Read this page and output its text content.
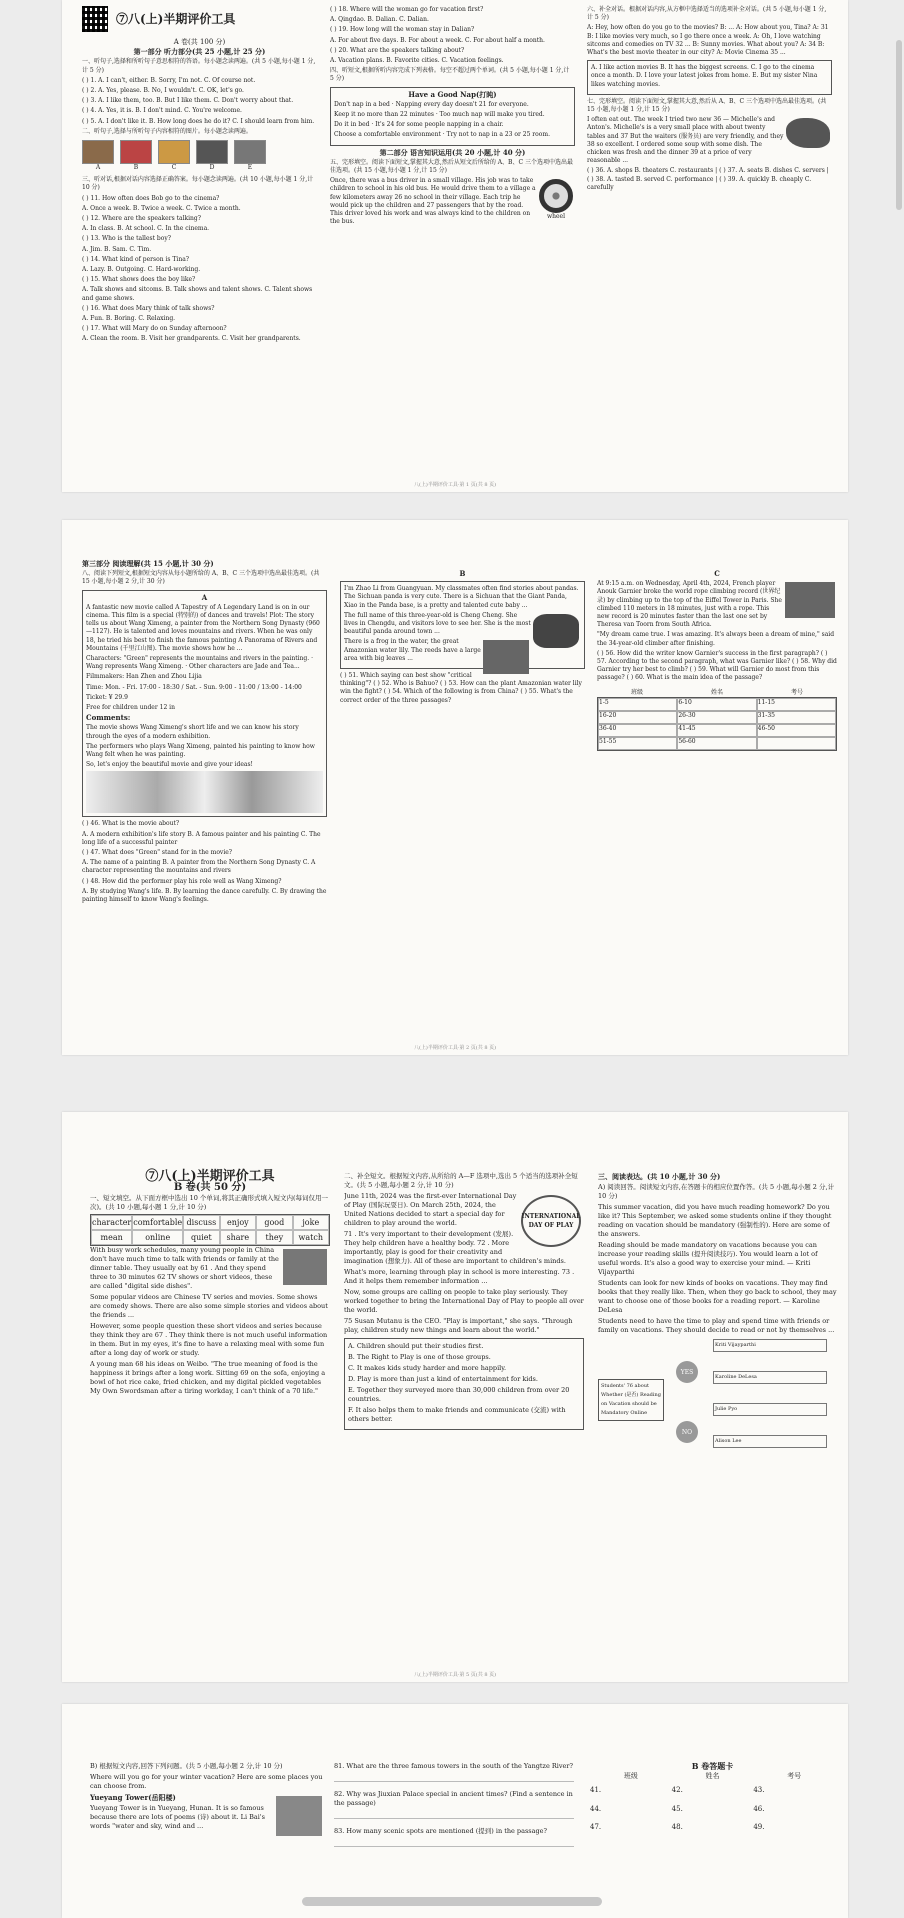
⑦八(上)半期评价工具

A 卷(共 100 分)

第一部分 听力部分(共 25 小题,计 25 分)

一、听句子,选择和所听句子意思相符的答语。每小题念读两遍。(共 5 小题,每小题 1 分,计 5 分)

( ) 1. A. I can't, either. B. Sorry, I'm not. C. Of course not.

( ) 2. A. Yes, please. B. No, I wouldn't. C. OK, let's go.

( ) 3. A. I like them, too. B. But I like them. C. Don't worry about that.

( ) 4. A. Yes, it is. B. I don't mind. C. You're welcome.

( ) 5. A. I don't like it. B. How long does he do it? C. I should learn from him.

二、听句子,选择与所听句子内容相符的图片。每小题念读两遍。

A	B	C	D	E

三、听对话,根据对话内容选择正确答案。每小题念读两遍。(共 10 小题,每小题 1 分,计 10 分)

( ) 11. How often does Bob go to the cinema?

A. Once a week. B. Twice a week. C. Twice a month.

( ) 12. Where are the speakers talking?

A. In class. B. At school. C. In the cinema.

( ) 13. Who is the tallest boy?

A. Jim. B. Sam. C. Tim.

( ) 14. What kind of person is Tina?

A. Lazy. B. Outgoing. C. Hard-working.

( ) 15. What shows does the boy like?

A. Talk shows and sitcoms. B. Talk shows and talent shows. C. Talent shows and game shows.

( ) 16. What does Mary think of talk shows?

A. Fun. B. Boring. C. Relaxing.

( ) 17. What will Mary do on Sunday afternoon?

A. Clean the room. B. Visit her grandparents. C. Visit her grandparents.

( ) 18. Where will the woman go for vacation first?

A. Qingdao. B. Dalian. C. Dalian.

( ) 19. How long will the woman stay in Dalian?

A. For about five days. B. For about a week. C. For about half a month.

( ) 20. What are the speakers talking about?

A. Vacation plans. B. Favorite cities. C. Vacation feelings.

四、听短文,根据所听内容完成下列表格。每空不超过两个单词。(共 5 小题,每小题 1 分,计 5 分)

Have a Good Nap(打盹)

Don't nap in a bed · Napping every day doesn't 21 for everyone.

Keep it no more than 22 minutes · Too much nap will make you tired.

Do it in bed · It's 24 for some people napping in a chair.

Choose a comfortable environment · Try not to nap in a 23 or 25 room.

第二部分 语言知识运用(共 20 小题,计 40 分)

五、完形填空。阅读下面短文,掌握其大意,然后从短文后所给的 A、B、C 三个选项中选出最佳选项。(共 15 小题,每小题 1 分,计 15 分)

wheel

Once, there was a bus driver in a small village. His job was to take children to school in his old bus. He would drive them to a village a few kilometers away 26 no school in their village. Each trip he would pick up the children and 27 passengers that by the road. This driver loved his work and was always kind to the children on the bus.

六、补全对话。根据对话内容,从方框中选择适当的选项补全对话。(共 5 小题,每小题 1 分,计 5 分)

A: Hey, how often do you go to the movies? B: ... A: How about you, Tina? A: 31 B: I like movies very much, so I go there once a week. A: Oh, I love watching sitcoms and comedies on TV 32 ... B: Sunny movies. What about you? A: 34 B: What's the best movie theater in our city? A: Movie Cinema 35 ...

A. I like action movies B. It has the biggest screens. C. I go to the cinema once a month. D. I love your latest jokes from home. E. But my sister Nina likes watching movies.

七、完形填空。阅读下面短文,掌握其大意,然后从 A、B、C 三个选项中选出最佳选项。(共 15 小题,每小题 1 分,计 15 分)

I often eat out. The week I tried two new 36 — Michelle's and Anton's. Michelle's is a very small place with about twenty tables and 37 But the waiters (服务员) are very friendly, and they 38 so excellent. I ordered some soup with some dish. The chicken was fresh and the dinner 39 at a price of very reasonable ...

( ) 36. A. shops B. theaters C. restaurants | ( ) 37. A. seats B. dishes C. servers | ( ) 38. A. tasted B. served C. performance | ( ) 39. A. quickly B. cheaply C. carefully

八(上)半期评价工具·第 1 页(共 8 页)

第三部分 阅读理解(共 15 小题,计 30 分)

八、阅读下列短文,根据短文内容从每小题所给的 A、B、C 三个选项中选出最佳选项。(共 15 小题,每小题 2 分,计 30 分)

A

A fantastic new movie called A Tapestry of A Legendary Land is on in our cinema. This film is a special (特别的) of dances and travels! Plot: The story tells us about Wang Ximeng, a painter from the Northern Song Dynasty (960—1127). He is talented and loves mountains and rivers. When he was only 18, he tried his best to finish the famous painting A Panorama of Rivers and Mountains (千里江山图). The movie shows how he ...

Characters: "Green" represents the mountains and rivers in the painting. · Wang represents Wang Ximeng. · Other characters are Jade and Tea...

Filmmakers: Han Zhen and Zhou Lijia

Time: Mon. - Fri. 17:00 - 18:30 / Sat. - Sun. 9:00 - 11:00 / 13:00 - 14:00

Ticket: ¥ 29.9

Free for children under 12 in

Comments:

The movie shows Wang Ximeng's short life and we can know his story through the eyes of a modern exhibition.

The performers who plays Wang Ximeng, painted his painting to know how Wang felt when he was painting.

So, let's enjoy the beautiful movie and give your ideas!

( ) 46. What is the movie about?

A. A modern exhibition's life story B. A famous painter and his painting C. The long life of a successful painter

( ) 47. What does "Green" stand for in the movie?

A. The name of a painting B. A painter from the Northern Song Dynasty C. A character representing the mountains and rivers

( ) 48. How did the performer play his role well as Wang Ximeng?

A. By studying Wang's life. B. By learning the dance carefully. C. By drawing the painting himself to know Wang's feelings.

B

I'm Zhao Li from Guangyuan. My classmates often find stories about pandas. The Sichuan panda is very cute. There is a Sichuan that the Giant Panda, Xiao in the Panda base, is a pretty and talented cute baby ...

The full name of this three-year-old is Cheng Cheng. She lives in Chengdu, and visitors love to see her. She is the most beautiful panda around town ...

There is a frog in the water, the great Amazonian water lily. The reeds have a large area with big leaves ...

( ) 51. Which saying can best show "critical thinking"? ( ) 52. Who is Bahuo? ( ) 53. How can the plant Amazonian water lily win the fight? ( ) 54. Which of the following is from China? ( ) 55. What's the correct order of the three passages?

C

At 9:15 a.m. on Wednesday, April 4th, 2024, French player Anouk Garnier broke the world rope climbing record (世界纪录) by climbing up to the top of the Eiffel Tower in Paris. She climbed 110 meters in 18 minutes, just with a rope. This new record is 20 minutes faster than the last one set by Theresa van Toorn from South Africa.

"My dream came true. I was amazing. It's always been a dream of mine," said the 34-year-old climber after finishing.

( ) 56. How did the writer know Garnier's success in the first paragraph? ( ) 57. According to the second paragraph, what was Garnier like? ( ) 58. Why did Garnier try her best to climb? ( ) 59. What will Garnier do most from this passage? ( ) 60. What is the main idea of the passage?

班级	姓名	考号
1-5	6-10	11-15
16-20	26-30	31-35
36-40	41-45	46-50
51-55	56-60
八(上)半期评价工具·第 2 页(共 8 页)

⑦八(上)半期评价工具

B 卷(共 50 分)

一、短文填空。从下面方框中选出 10 个单词,将其正确形式填入短文内(每词仅用一次)。(共 10 小题,每小题 1 分,计 10 分)

character comfortable discuss	enjoy	good	joke
mean	online	quiet	share	they	watch

With busy work schedules, many young people in China don't have much time to talk with friends or family at the dinner table. They usually eat by 61 . And they spend three to 30 minutes 62 TV shows or short videos, these are called "digital side dishes".

Some popular videos are Chinese TV series and movies. Some shows are comedy shows. There are also some simple stories and videos about the friends ...

However, some people question these short videos and series because they think they are 67 . They think there is not much useful information in them. But in my eyes, it's fine to have a relaxing meal with some fun after a long day of work or study.

A young man 68 his ideas on Weibo. "The true meaning of food is the happiness it brings after a long work. Sitting 69 on the sofa, enjoying a bowl of hot rice cake, fried chicken, and my digital pickled vegetables My Own Swordsman after a tiring workday, I can't think of a 70 life."

二、补全短文。根据短文内容,从所给的 A—F 选项中,选出 5 个适当的选项补全短文。(共 5 小题,每小题 2 分,计 10 分)

INTERNATIONAL DAY OF PLAY

June 11th, 2024 was the first-ever International Day of Play (国际玩耍日). On March 25th, 2024, the United Nations decided to start a special day for children to play around the world.

71 . It's very important to their development (发展). They help children have a healthy body. 72 . More importantly, play is good for their creativity and imagination (想象力). All of these are important to children's minds.

What's more, learning through play in school is more interesting. 73 . And it helps them remember information ...

Now, some groups are calling on people to take play seriously. They worked together to bring the International Day of Play to people all over the world.

75 Susan Mutanu is the CEO. "Play is important," she says. "Through play, children study new things and learn about the world."

A. Children should put their studies first.

B. The Right to Play is one of those groups.

C. It makes kids study harder and more happily.

D. Play is more than just a kind of entertainment for kids.

E. Together they surveyed more than 30,000 children from over 20 countries.

F. It also helps them to make friends and communicate (交流) with others better.

三、阅读表达。(共 10 小题,计 30 分)

A) 阅读回答。阅读短文内容,在答题卡的相应位置作答。(共 5 小题,每小题 2 分,计 10 分)

This summer vacation, did you have much reading homework? Do you like it? This September, we asked some students online if they thought reading on vacation should be mandatory (强制性的). Here are some of the answers.

Reading should be made mandatory on vacations because you can increase your reading skills (提升阅读技巧). You would learn a lot of useful words. It's also a good way to exercise your mind. — Kriti Vijayparthi

Students can look for new kinds of books on vacations. They may find books that they really like. Then, when they go back to school, they may want to choose one of those books for a reading report. — Karoline DeLesa

Students need to have the time to play and spend time with friends or family on vacations. They should decide to read or not by themselves ...

Students' 76 about Whether (是否) Reading on Vacation should be Mandatory Online
YES
NO
Kriti Vijayparthi
Karoline DeLesa
Julie Pyo
Alison Lee
八(上)半期评价工具·第 5 页(共 8 页)

B) 根据短文内容,回答下列问题。(共 5 小题,每小题 2 分,计 10 分)

Where will you go for your winter vacation? Here are some places you can choose from.

Yueyang Tower(岳阳楼)

Yueyang Tower is in Yueyang, Hunan. It is so famous because there are lots of poems (诗) about it. Li Bai's words "water and sky, wind and ...

81. What are the three famous towers in the south of the Yangtze River?

82. Why was Jiuxian Palace special in ancient times? (Find a sentence in the passage)

83. How many scenic spots are mentioned (提到) in the passage?

B 卷答题卡

班级	姓名	考号
41.	42.	43.
44.	45.	46.
47.	48.	49.
